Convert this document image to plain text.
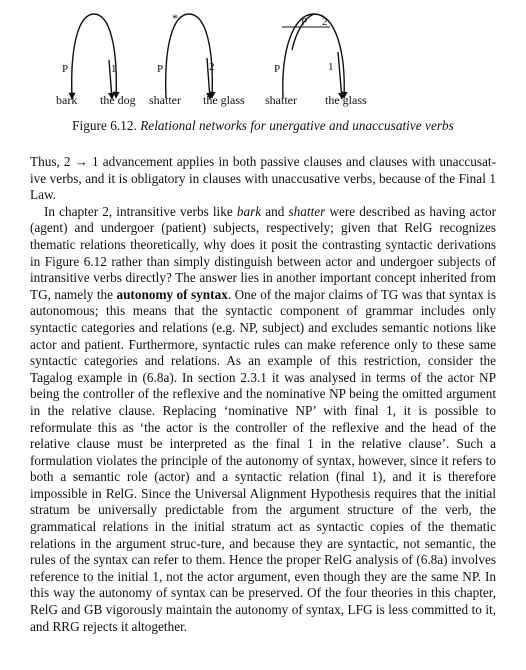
P	1
bark the dog
*
P	2
shatter the glass
P 2
P	1
shatter the glass
Figure 6.12. Relational networks for unergative and unaccusative verbs

Thus, 2 → 1 advancement applies in both passive clauses and clauses with unaccusat-ive verbs, and it is obligatory in clauses with unaccusative verbs, because of the Final 1 Law.

In chapter 2, intransitive verbs like bark and shatter were described as having actor (agent) and undergoer (patient) subjects, respectively; given that RelG recognizes thematic relations theoretically, why does it posit the contrasting syntactic derivations in Figure 6.12 rather than simply distinguish between actor and undergoer subjects of intransitive verbs directly? The answer lies in another important concept inherited from TG, namely the autonomy of syntax. One of the major claims of TG was that syntax is autonomous; this means that the syntactic component of grammar includes only syntactic categories and relations (e.g. NP, subject) and excludes semantic notions like actor and patient. Furthermore, syntactic rules can make reference only to these same syntactic categories and relations. As an example of this restriction, consider the Tagalog example in (6.8a). In section 2.3.1 it was analysed in terms of the actor NP being the controller of the reflexive and the nominative NP being the omitted argument in the relative clause. Replacing ‘nominative NP’ with final 1, it is possible to reformulate this as ‘the actor is the controller of the reflexive and the head of the relative clause must be interpreted as the final 1 in the relative clause’. Such a formulation violates the principle of the autonomy of syntax, however, since it refers to both a semantic role (actor) and a syntactic relation (final 1), and it is therefore impossible in RelG. Since the Universal Alignment Hypothesis requires that the initial stratum be universally predictable from the argument structure of the verb, the grammatical relations in the initial stratum act as syntactic copies of the thematic relations in the argument struc-ture, and because they are syntactic, not semantic, the rules of the syntax can refer to them. Hence the proper RelG analysis of (6.8a) involves reference to the initial 1, not the actor argument, even though they are the same NP. In this way the autonomy of syntax can be preserved. Of the four theories in this chapter, RelG and GB vigorously maintain the autonomy of syntax, LFG is less committed to it, and RRG rejects it altogether.
